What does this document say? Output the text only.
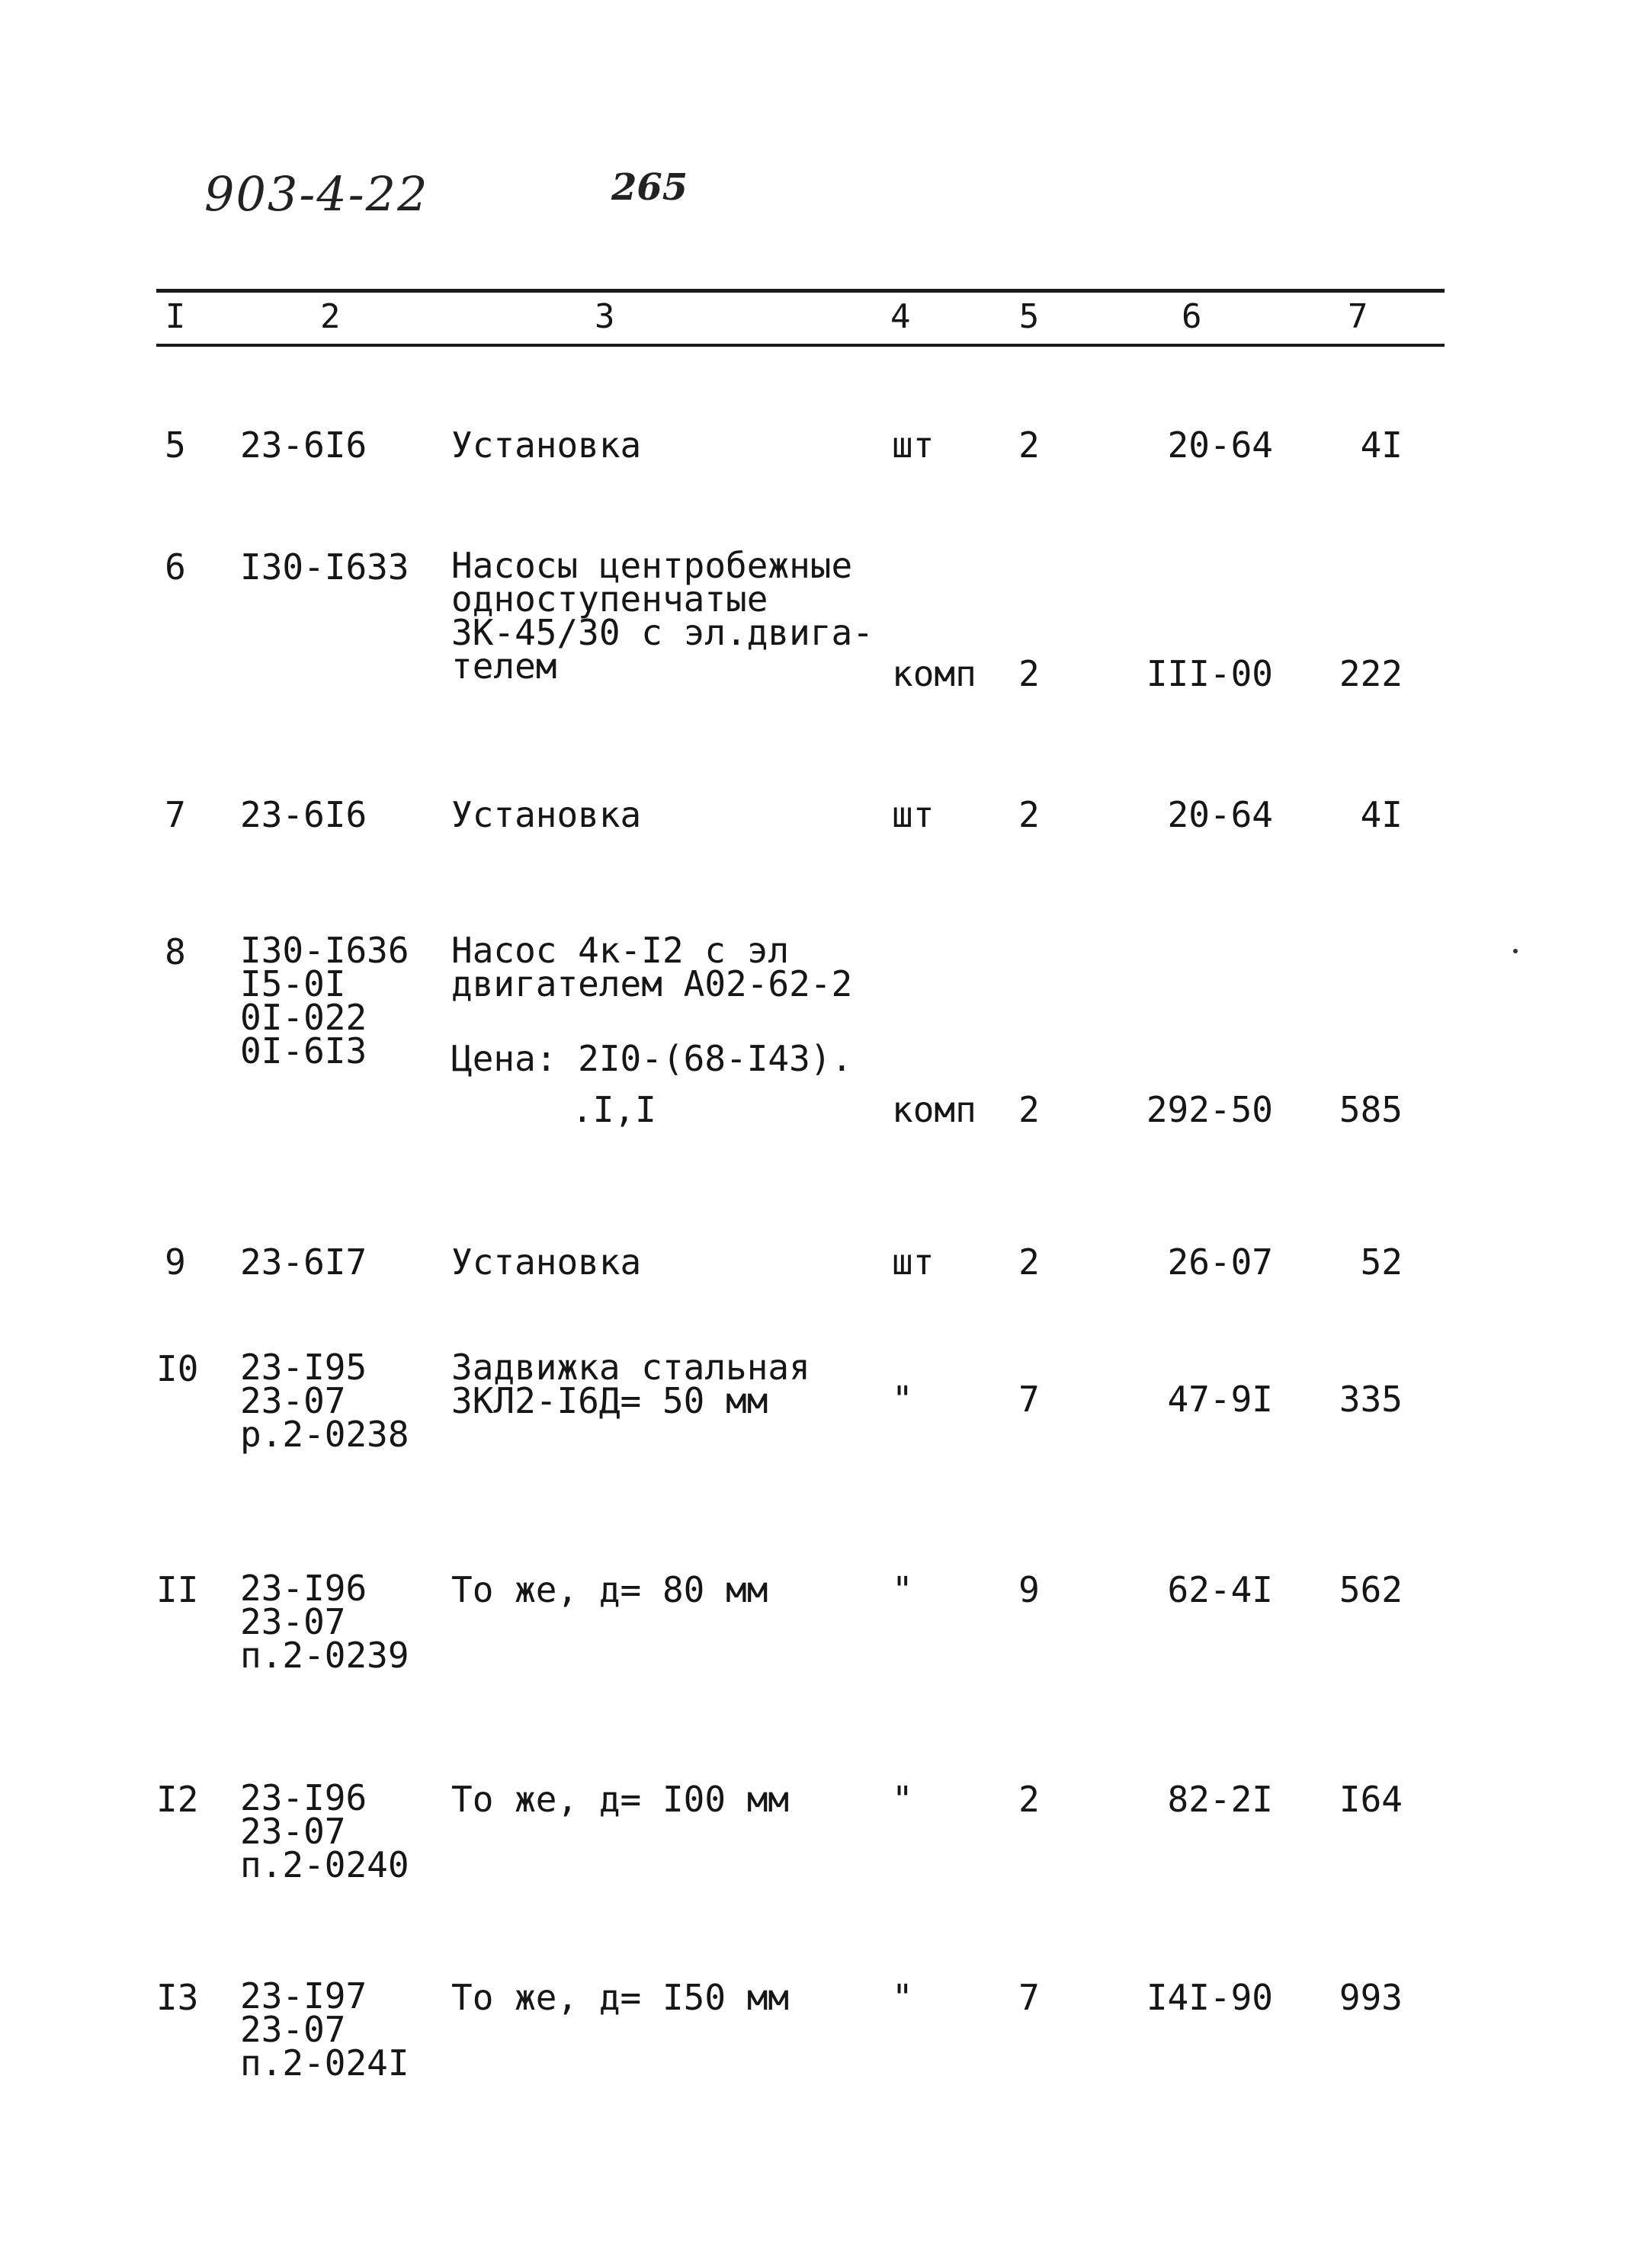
903-4-22	265
I	2	3	4	5	6	7
5 23-6I6 Установка	шт 2	20-64	4I
6 I30-I633 Насосы центробежные
одноступенчатые
3К-45/30 с эл.двига-
телем	комп 2	III-00	222
7 23-6I6 Установка	шт 2	20-64	4I
8 I30-I636
I5-0I
0I-022
0I-6I3
Насос 4к-I2 с эл
двигателем А02-62-2
Цена: 2I0-(68-I43).
.I,I	комп 2	292-50	585
9 23-6I7 Установка	шт 2	26-07	52
I0 23-I95
23-07
р.2-0238
Задвижка стальная
3КЛ2-I6Д= 50 мм	"	7	47-9I	335
II 23-I96
23-07
п.2-0239
То же, д= 80 мм	"	9	62-4I	562
I2 23-I96
23-07
п.2-0240
То же, д= I00 мм	"	2	82-2I	I64
I3 23-I97
23-07
п.2-024I
То же, д= I50 мм	"	7	I4I-90	993
